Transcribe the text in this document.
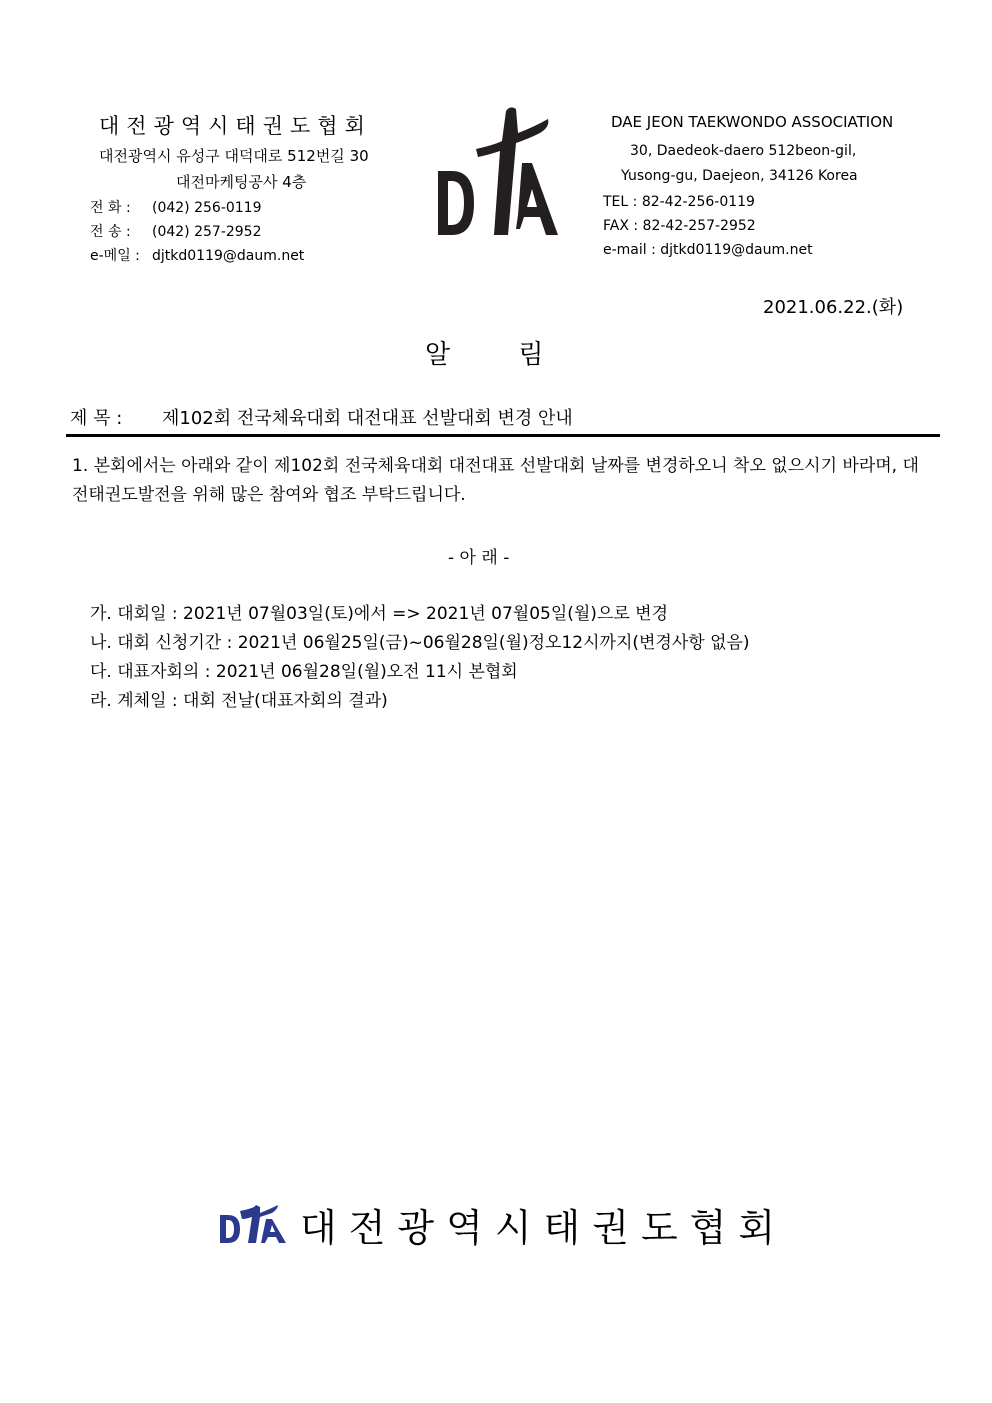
대전광역시태권도협회
대전광역시 유성구 대덕대로 512번길 30
대전마케팅공사 4층
전 화 : (042) 256-0119
전 송 : (042) 257-2952
e-메일 : djtkd0119@daum.net
DAE JEON TAEKWONDO ASSOCIATION
30, Daedeok-daero 512beon-gil,
Yusong-gu, Daejeon, 34126 Korea
TEL : 82-42-256-0119
FAX : 82-42-257-2952
e-mail : djtkd0119@daum.net
2021.06.22.(화)
알 림
제 목 : 제102회 전국체육대회 대전대표 선발대회 변경 안내
1. 본회에서는 아래와 같이 제102회 전국체육대회 대전대표 선발대회 날짜를 변경하오니 착오 없으시기 바라며, 대전태권도발전을 위해 많은 참여와 협조 부탁드립니다.
- 아 래 -
가. 대회일 : 2021년 07월03일(토)에서 => 2021년 07월05일(월)으로 변경
나. 대회 신청기간 : 2021년 06월25일(금)~06월28일(월)정오12시까지(변경사항 없음)
다. 대표자회의 : 2021년 06월28일(월)오전 11시 본협회
라. 계체일 : 대회 전날(대표자회의 결과)
대전광역시태권도협회
